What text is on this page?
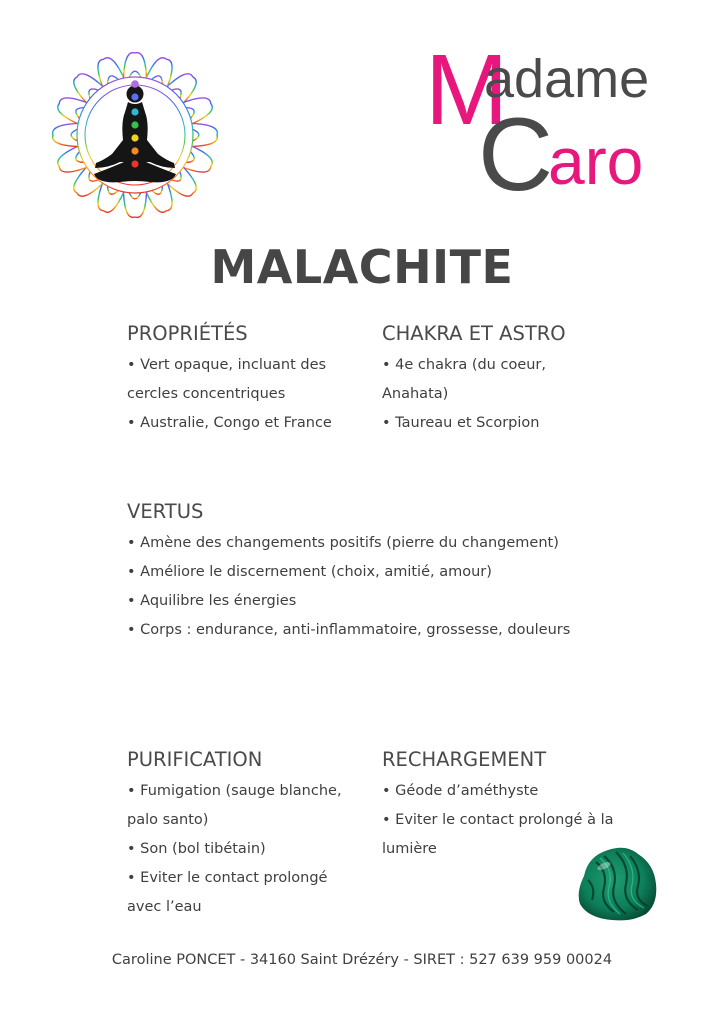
M
adame
C
aro
MALACHITE
PROPRIÉTÉS
• Vert opaque, incluant des cercles concentriques
• Australie, Congo et France
CHAKRA ET ASTRO
• 4e chakra (du coeur, Anahata)
• Taureau et Scorpion
VERTUS
• Amène des changements positifs (pierre du changement)
• Améliore le discernement (choix, amitié, amour)
• Aquilibre les énergies
• Corps : endurance, anti-inflammatoire, grossesse, douleurs
PURIFICATION
• Fumigation (sauge blanche, palo santo)
• Son (bol tibétain)
• Eviter le contact prolongé avec l’eau
RECHARGEMENT
• Géode d’améthyste
• Eviter le contact prolongé à la lumière
Caroline PONCET - 34160 Saint Drézéry - SIRET : 527 639 959 00024
